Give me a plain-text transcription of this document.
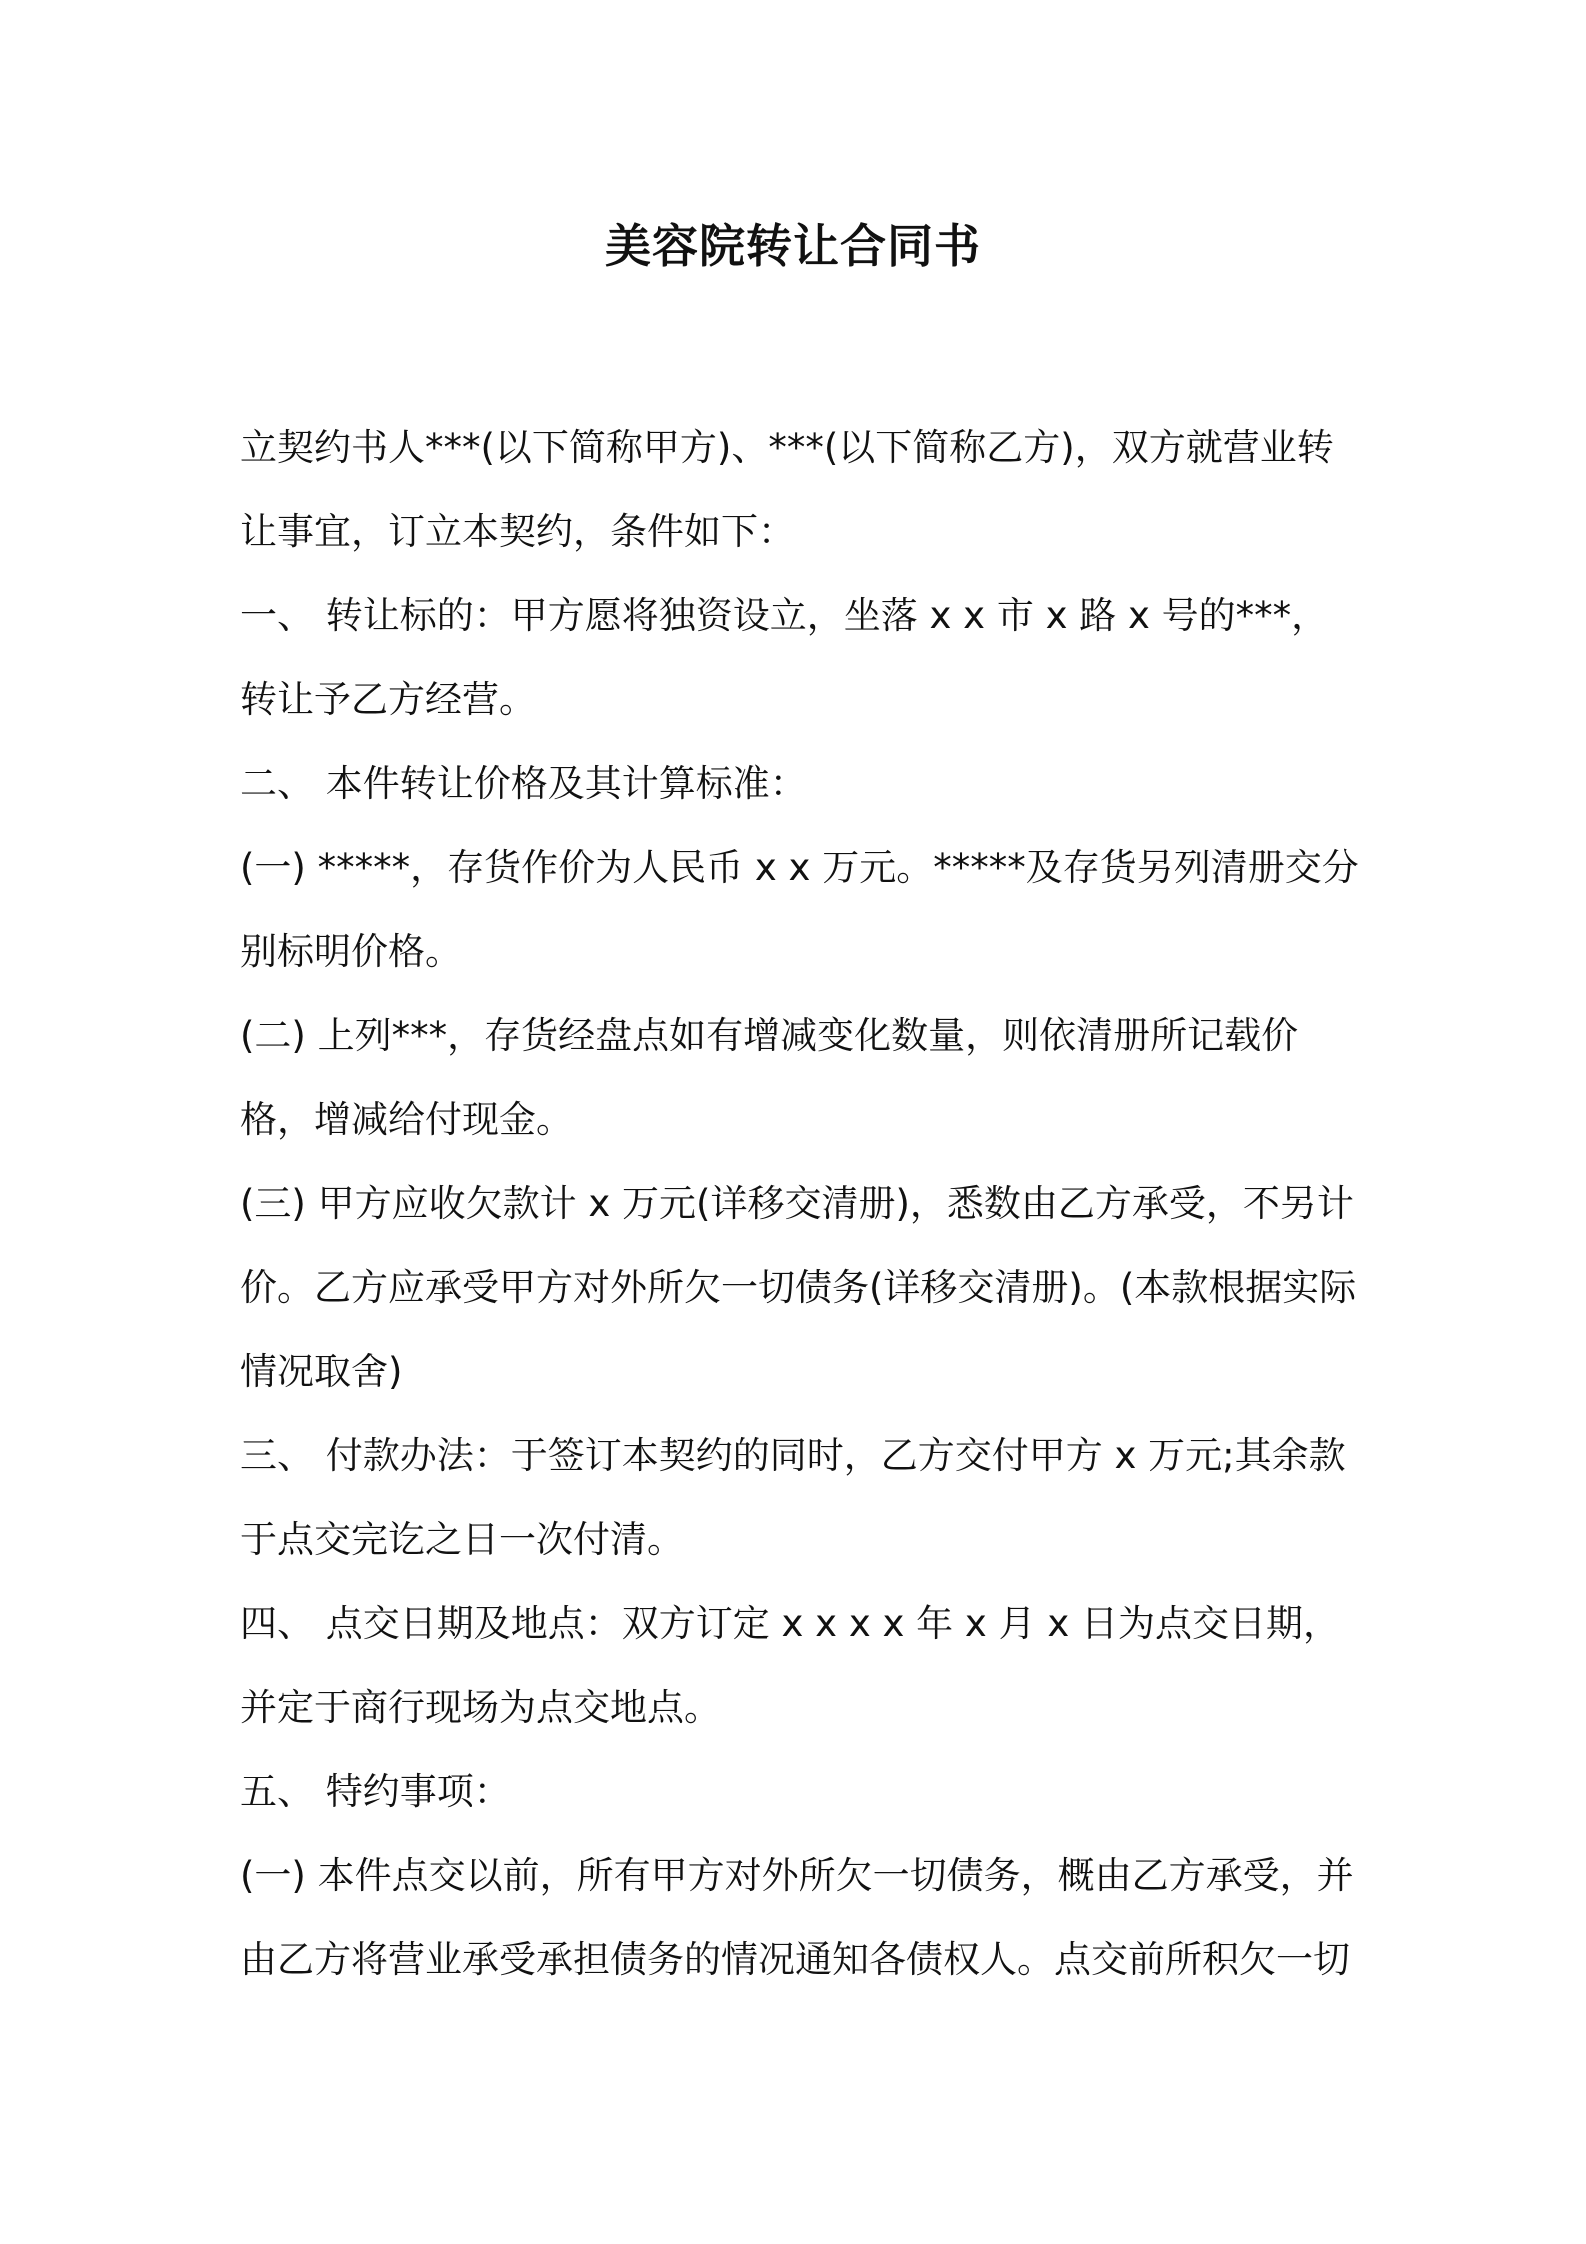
美容院转让合同书

立契约书人***(以下简称甲方)、***(以下简称乙方)，双方就营业转让事宜，订立本契约，条件如下：

一、 转让标的：甲方愿将独资设立，坐落 x x 市 x 路 x 号的***，转让予乙方经营。

二、 本件转让价格及其计算标准：

(一) *****，存货作价为人民币 x x 万元。*****及存货另列清册交分别标明价格。

(二) 上列***，存货经盘点如有增减变化数量，则依清册所记载价格，增减给付现金。

(三) 甲方应收欠款计 x 万元(详移交清册)，悉数由乙方承受，不另计价。乙方应承受甲方对外所欠一切债务(详移交清册)。(本款根据实际情况取舍)

三、 付款办法：于签订本契约的同时，乙方交付甲方 x 万元;其余款于点交完讫之日一次付清。

四、 点交日期及地点：双方订定 x x x x 年 x 月 x 日为点交日期，并定于商行现场为点交地点。

五、 特约事项：

(一) 本件点交以前，所有甲方对外所欠一切债务，概由乙方承受，并由乙方将营业承受承担债务的情况通知各债权人。点交前所积欠一切
